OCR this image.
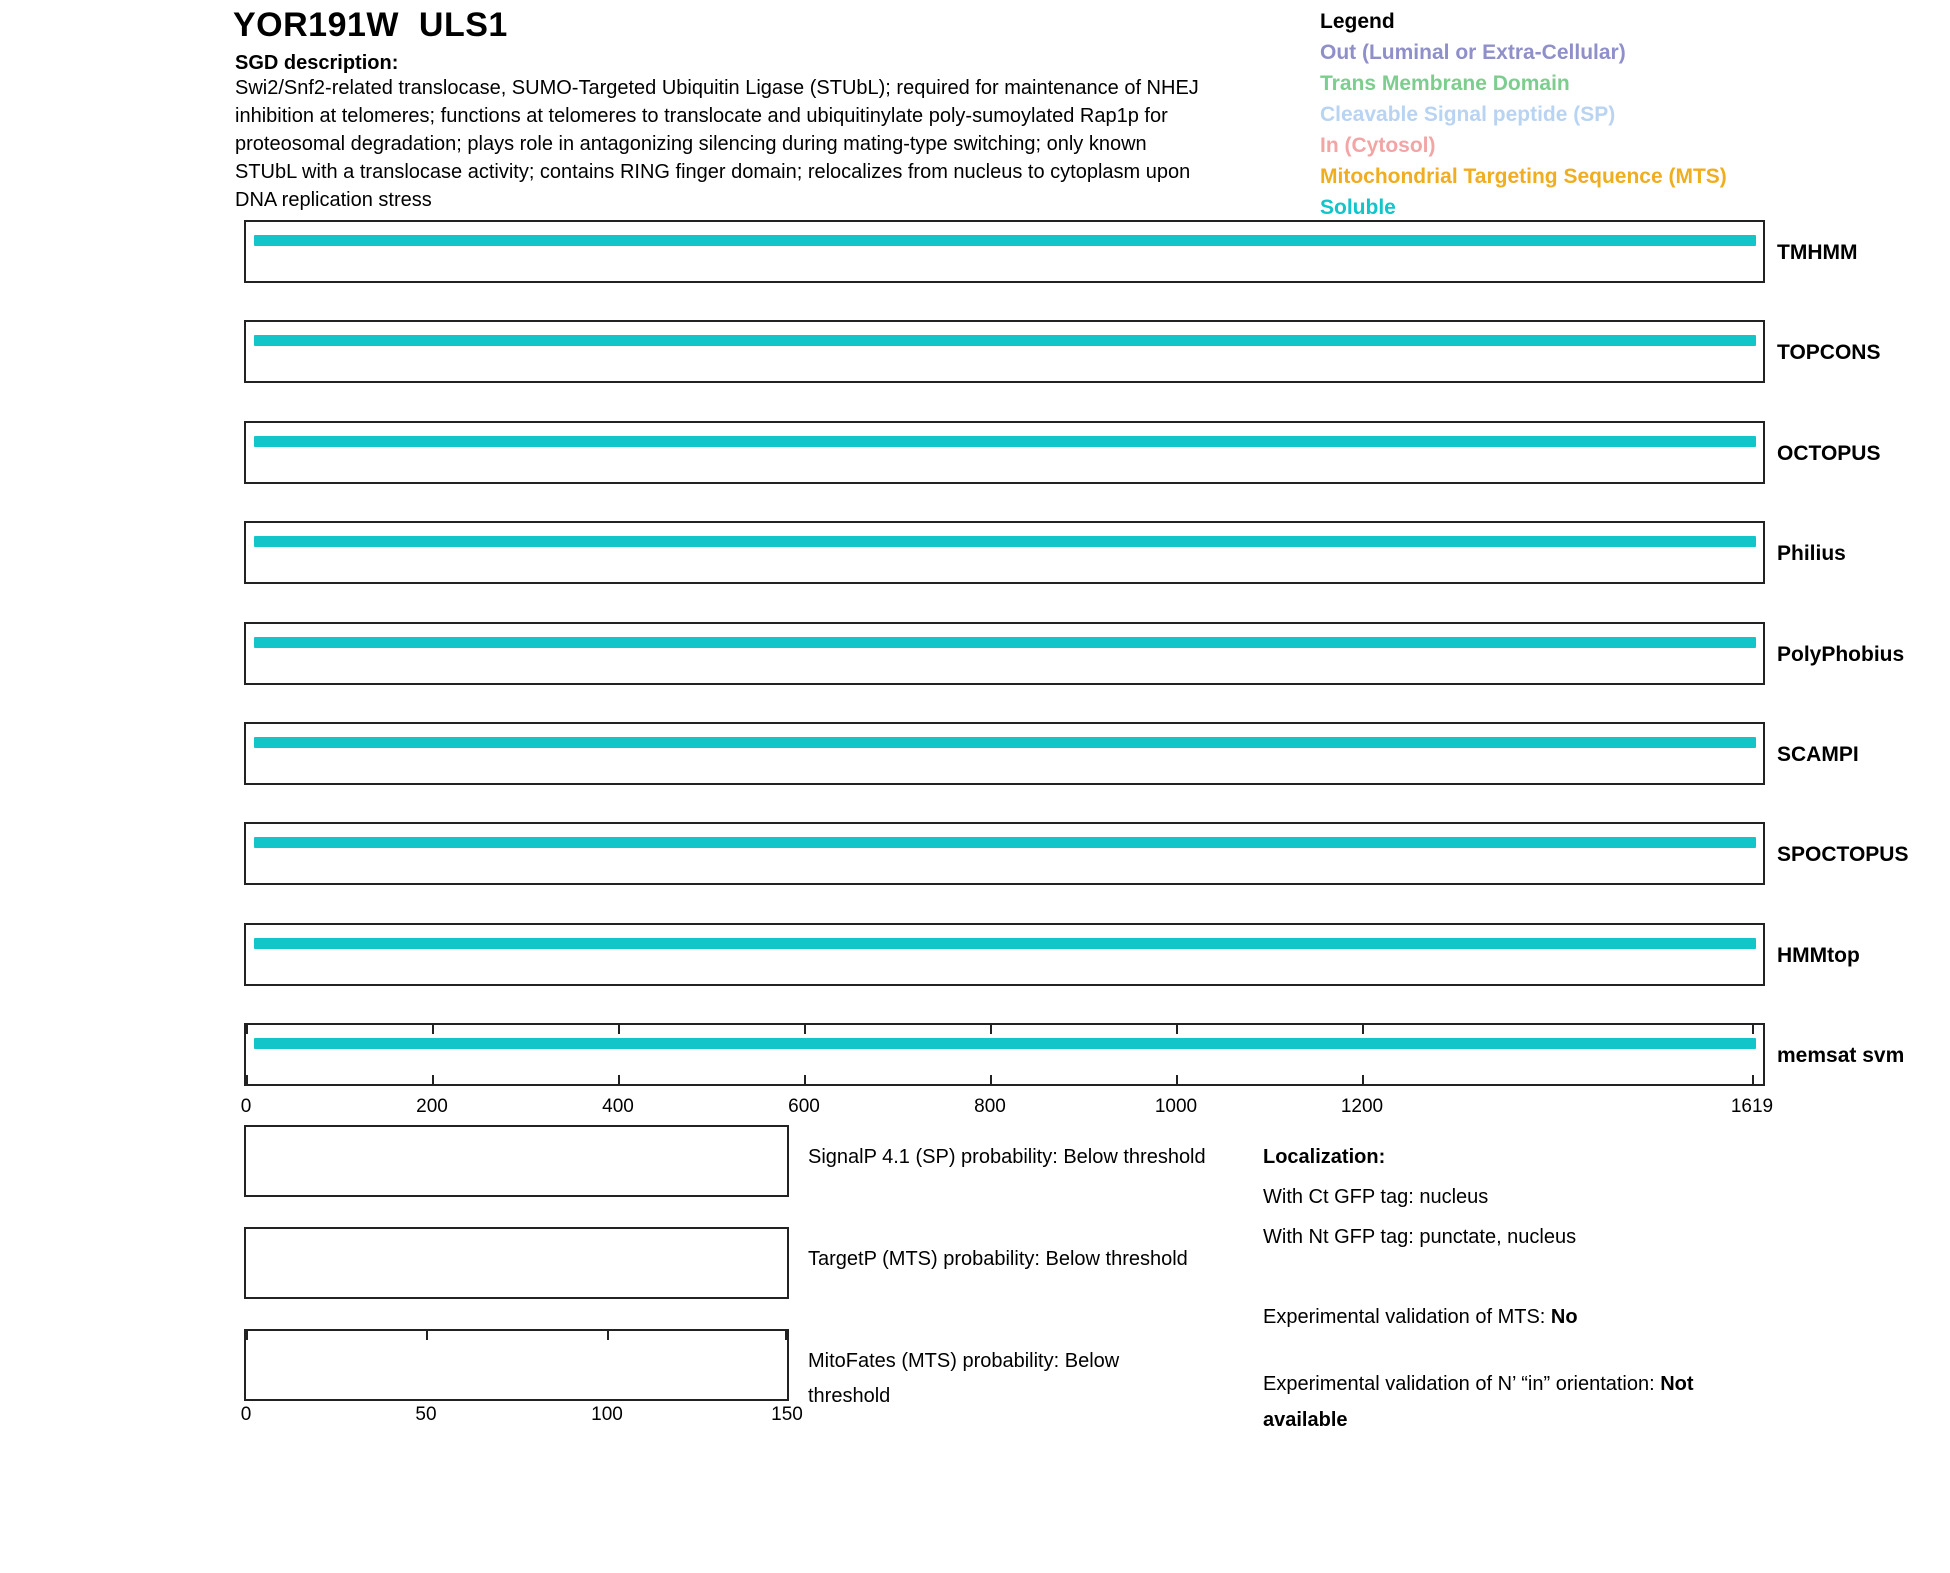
YOR191W  ULS1
SGD description:
Swi2/Snf2-related translocase, SUMO-Targeted Ubiquitin Ligase (STUbL); required for maintenance of NHEJ
inhibition at telomeres; functions at telomeres to translocate and ubiquitinylate poly-sumoylated Rap1p for
proteosomal degradation; plays role in antagonizing silencing during mating-type switching; only known
STUbL with a translocase activity; contains RING finger domain; relocalizes from nucleus to cytoplasm upon
DNA replication stress
Legend
Out (Luminal or Extra-Cellular)
Trans Membrane Domain
Cleavable Signal peptide (SP)
In (Cytosol)
Mitochondrial Targeting Sequence (MTS)
Soluble
TMHMM
TOPCONS
OCTOPUS
Philius
PolyPhobius
SCAMPI
SPOCTOPUS
HMMtop
memsat svm
0	200	400	600	800	1000	1200	1619
SignalP 4.1 (SP) probability: Below threshold
TargetP (MTS) probability: Below threshold
MitoFates (MTS) probability: Below
threshold
0	50	100	150
Localization:
With Ct GFP tag: nucleus
With Nt GFP tag: punctate, nucleus
Experimental validation of MTS: No
Experimental validation of N’ “in” orientation: Not available
